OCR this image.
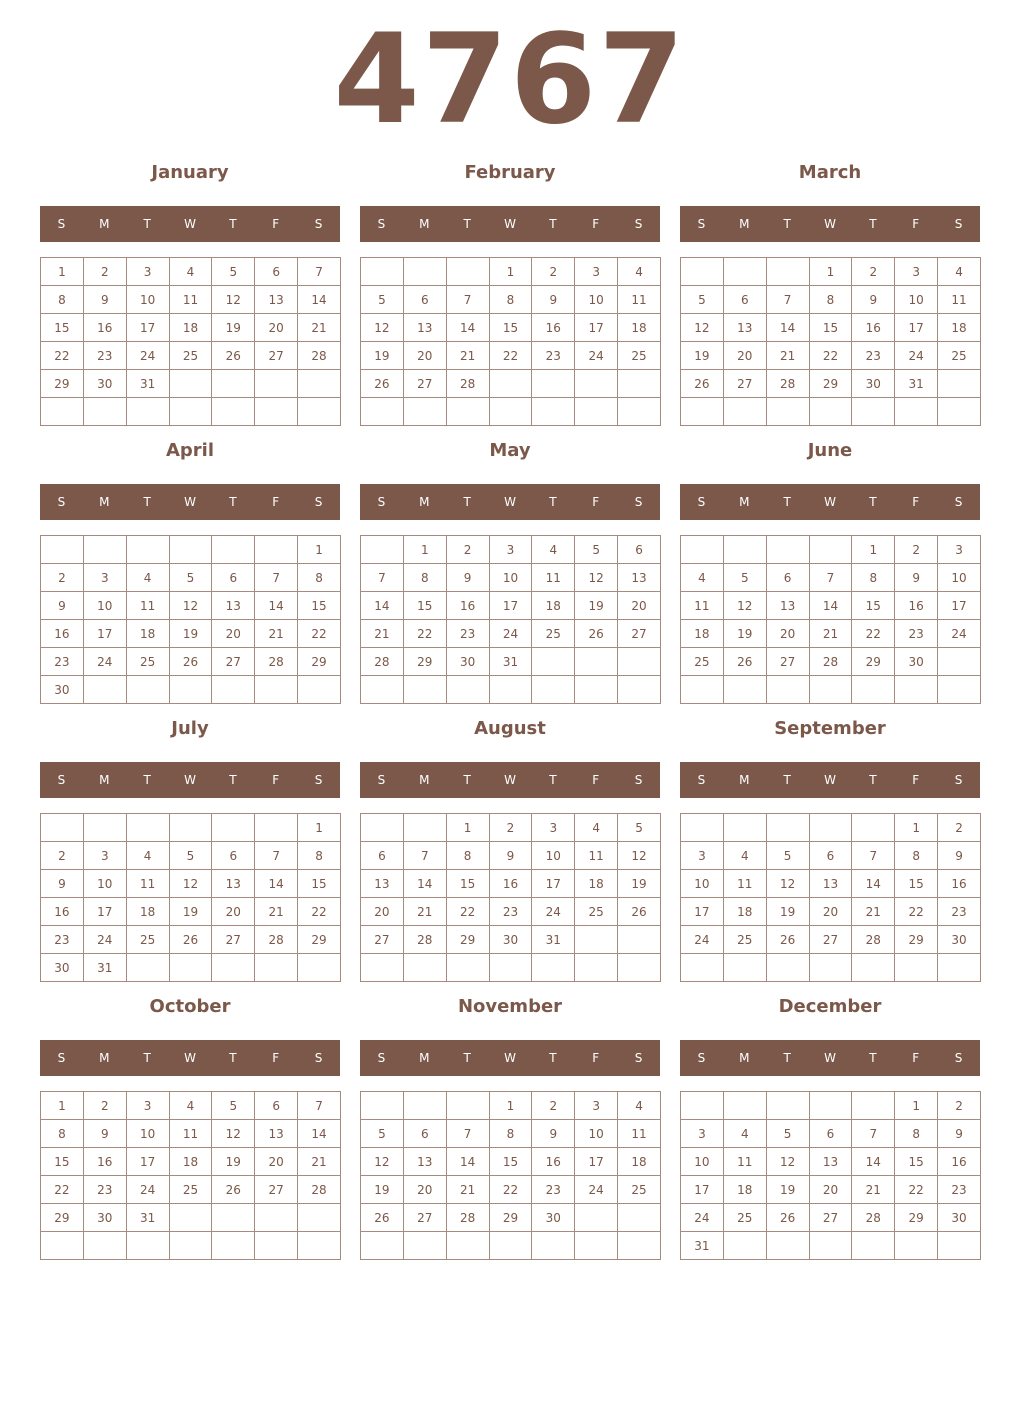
4767
January
S	M	T	W	T	F	S
1	2	3	4	5	6	7
8	9	10	11	12	13	14
15	16	17	18	19	20	21
22	23	24	25	26	27	28
29	30	31				

February
S	M	T	W	T	F	S
			1	2	3	4
5	6	7	8	9	10	11
12	13	14	15	16	17	18
19	20	21	22	23	24	25
26	27	28				

March
S	M	T	W	T	F	S
			1	2	3	4
5	6	7	8	9	10	11
12	13	14	15	16	17	18
19	20	21	22	23	24	25
26	27	28	29	30	31	

April
S	M	T	W	T	F	S
						1
2	3	4	5	6	7	8
9	10	11	12	13	14	15
16	17	18	19	20	21	22
23	24	25	26	27	28	29
30						
May
S	M	T	W	T	F	S
	1	2	3	4	5	6
7	8	9	10	11	12	13
14	15	16	17	18	19	20
21	22	23	24	25	26	27
28	29	30	31			

June
S	M	T	W	T	F	S
				1	2	3
4	5	6	7	8	9	10
11	12	13	14	15	16	17
18	19	20	21	22	23	24
25	26	27	28	29	30	

July
S	M	T	W	T	F	S
						1
2	3	4	5	6	7	8
9	10	11	12	13	14	15
16	17	18	19	20	21	22
23	24	25	26	27	28	29
30	31					
August
S	M	T	W	T	F	S
		1	2	3	4	5
6	7	8	9	10	11	12
13	14	15	16	17	18	19
20	21	22	23	24	25	26
27	28	29	30	31		

September
S	M	T	W	T	F	S
					1	2
3	4	5	6	7	8	9
10	11	12	13	14	15	16
17	18	19	20	21	22	23
24	25	26	27	28	29	30

October
S	M	T	W	T	F	S
1	2	3	4	5	6	7
8	9	10	11	12	13	14
15	16	17	18	19	20	21
22	23	24	25	26	27	28
29	30	31				

November
S	M	T	W	T	F	S
			1	2	3	4
5	6	7	8	9	10	11
12	13	14	15	16	17	18
19	20	21	22	23	24	25
26	27	28	29	30		

December
S	M	T	W	T	F	S
					1	2
3	4	5	6	7	8	9
10	11	12	13	14	15	16
17	18	19	20	21	22	23
24	25	26	27	28	29	30
31						
